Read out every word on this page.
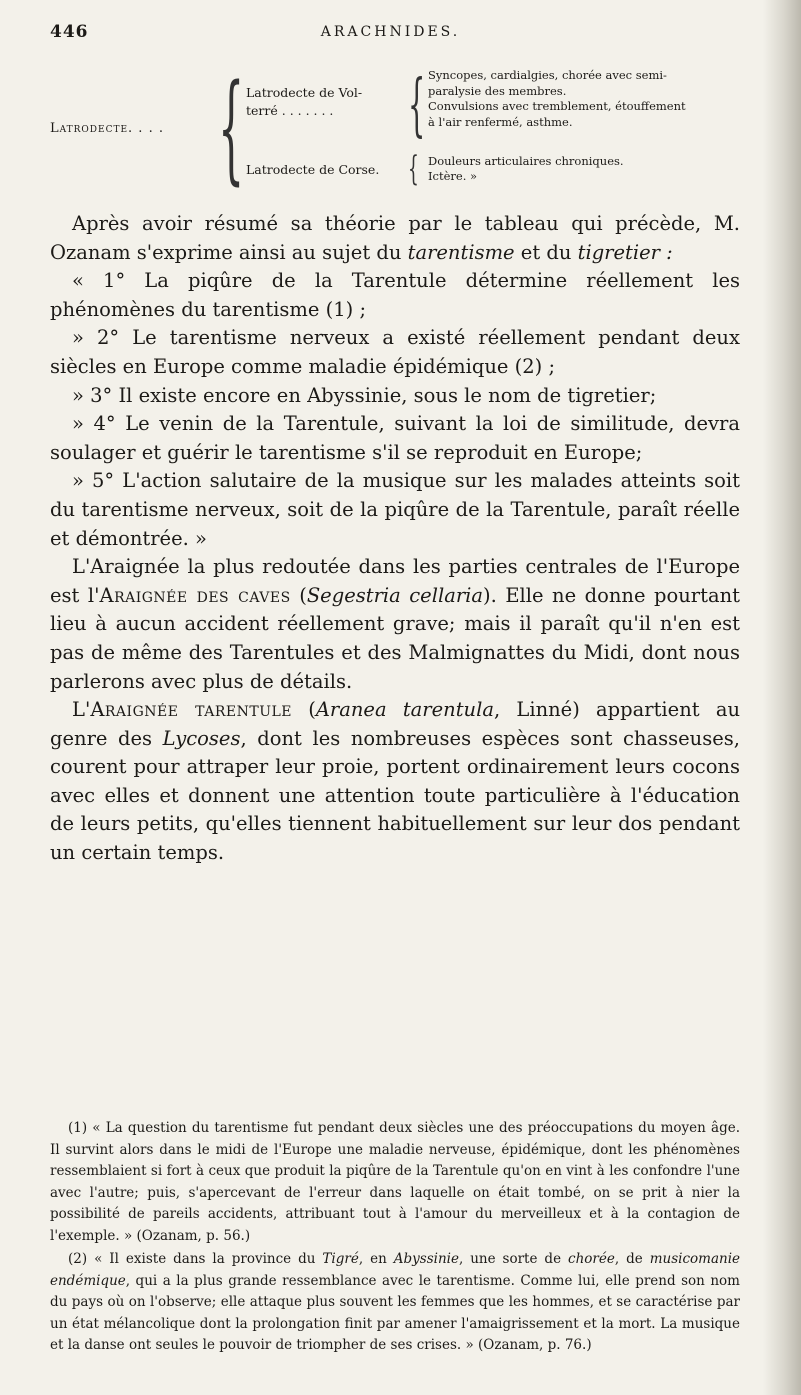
446	ARACHNIDES.
Latrodecte. . . . { Latrodecte de Vol-
terré . . . . . . .	{ Syncopes, cardialgies, chorée avec semi-
paralysie des membres.
Convulsions avec tremblement, étouffement
à l'air renfermé, asthme.
Latrodecte de Corse. { Douleurs articulaires chroniques.
Ictère. »

Après avoir résumé sa théorie par le tableau qui précède, M. Ozanam s'exprime ainsi au sujet du tarentisme et du tigretier :

« 1° La piqûre de la Tarentule détermine réellement les phénomènes du tarentisme (1) ;

» 2° Le tarentisme nerveux a existé réellement pendant deux siècles en Europe comme maladie épidémique (2) ;

» 3° Il existe encore en Abyssinie, sous le nom de tigretier;

» 4° Le venin de la Tarentule, suivant la loi de similitude, devra soulager et guérir le tarentisme s'il se reproduit en Europe;

» 5° L'action salutaire de la musique sur les malades atteints soit du tarentisme nerveux, soit de la piqûre de la Tarentule, paraît réelle et démontrée. »

L'Araignée la plus redoutée dans les parties centrales de l'Europe est l'Araignée des caves (Segestria cellaria). Elle ne donne pourtant lieu à aucun accident réellement grave; mais il paraît qu'il n'en est pas de même des Tarentules et des Malmignattes du Midi, dont nous parlerons avec plus de détails.

L'Araignée tarentule (Aranea tarentula, Linné) appartient au genre des Lycoses, dont les nombreuses espèces sont chasseuses, courent pour attraper leur proie, portent ordinairement leurs cocons avec elles et donnent une attention toute particulière à l'éducation de leurs petits, qu'elles tiennent habituellement sur leur dos pendant un certain temps.

(1) « La question du tarentisme fut pendant deux siècles une des préoccupations du moyen âge. Il survint alors dans le midi de l'Europe une maladie nerveuse, épidémique, dont les phénomènes ressemblaient si fort à ceux que produit la piqûre de la Tarentule qu'on en vint à les confondre l'une avec l'autre; puis, s'apercevant de l'erreur dans laquelle on était tombé, on se prit à nier la possibilité de pareils accidents, attribuant tout à l'amour du merveilleux et à la contagion de l'exemple. » (Ozanam, p. 56.)

(2) « Il existe dans la province du Tigré, en Abyssinie, une sorte de chorée, de musicomanie endémique, qui a la plus grande ressemblance avec le tarentisme. Comme lui, elle prend son nom du pays où on l'observe; elle attaque plus souvent les femmes que les hommes, et se caractérise par un état mélancolique dont la prolongation finit par amener l'amaigrissement et la mort. La musique et la danse ont seules le pouvoir de triompher de ses crises. » (Ozanam, p. 76.)
